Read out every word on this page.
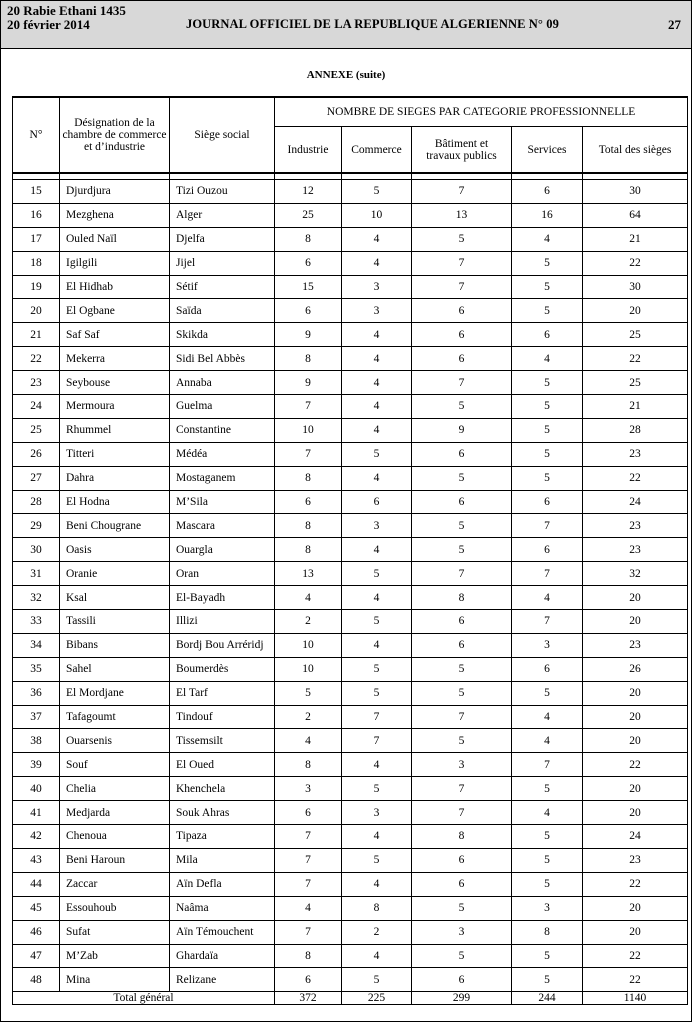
20 Rabie Ethani 1435
20 février 2014	JOURNAL OFFICIEL DE LA REPUBLIQUE ALGERIENNE N° 09	27
ANNEXE (suite)
N°	Désignation de la chambre de commerce et d’industrie	Siège social	NOMBRE DE SIEGES PAR CATEGORIE PROFESSIONNELLE				
			Industrie	Commerce	Bâtiment et travaux publics	Services	Total des sièges

15	Djurdjura	Tizi Ouzou	12	5	7	6	30
16	Mezghena	Alger	25	10	13	16	64
17	Ouled Naïl	Djelfa	8	4	5	4	21
18	Igilgili	Jijel	6	4	7	5	22
19	El Hidhab	Sétif	15	3	7	5	30
20	El Ogbane	Saïda	6	3	6	5	20
21	Saf Saf	Skikda	9	4	6	6	25
22	Mekerra	Sidi Bel Abbès	8	4	6	4	22
23	Seybouse	Annaba	9	4	7	5	25
24	Mermoura	Guelma	7	4	5	5	21
25	Rhummel	Constantine	10	4	9	5	28
26	Titteri	Médéa	7	5	6	5	23
27	Dahra	Mostaganem	8	4	5	5	22
28	El Hodna	M’Sila	6	6	6	6	24
29	Beni Chougrane	Mascara	8	3	5	7	23
30	Oasis	Ouargla	8	4	5	6	23
31	Oranie	Oran	13	5	7	7	32
32	Ksal	El-Bayadh	4	4	8	4	20
33	Tassili	Illizi	2	5	6	7	20
34	Bibans	Bordj Bou Arréridj	10	4	6	3	23
35	Sahel	Boumerdès	10	5	5	6	26
36	El Mordjane	El Tarf	5	5	5	5	20
37	Tafagoumt	Tindouf	2	7	7	4	20
38	Ouarsenis	Tissemsilt	4	7	5	4	20
39	Souf	El Oued	8	4	3	7	22
40	Chelia	Khenchela	3	5	7	5	20
41	Medjarda	Souk Ahras	6	3	7	4	20
42	Chenoua	Tipaza	7	4	8	5	24
43	Beni Haroun	Mila	7	5	6	5	23
44	Zaccar	Aïn Defla	7	4	6	5	22
45	Essouhoub	Naâma	4	8	5	3	20
46	Sufat	Aïn Témouchent	7	2	3	8	20
47	M’Zab	Ghardaïa	8	4	5	5	22
48	Mina	Relizane	6	5	6	5	22
Total général			372	225	299	244	1140
